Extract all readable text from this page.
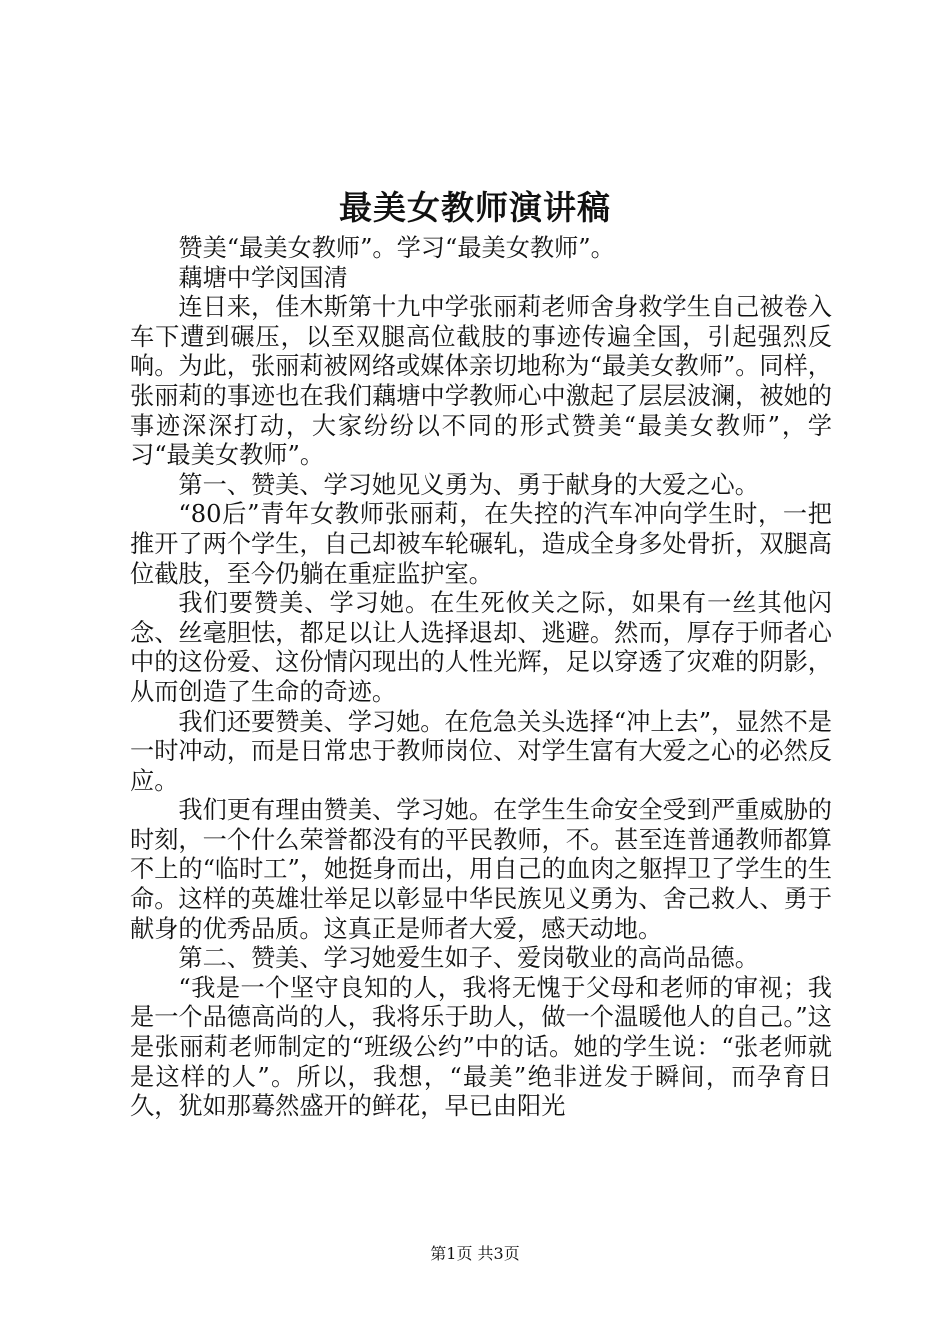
最美女教师演讲稿

赞美“最美女教师”。学习“最美女教师”。

藕塘中学闵国清

连日来，佳木斯第十九中学张丽莉老师舍身救学生自己被卷入车下遭到碾压，以至双腿高位截肢的事迹传遍全国，引起强烈反响。为此，张丽莉被网络或媒体亲切地称为“最美女教师”。同样，张丽莉的事迹也在我们藕塘中学教师心中激起了层层波澜，被她的事迹深深打动，大家纷纷以不同的形式赞美“最美女教师”，学习“最美女教师”。

第一、赞美、学习她见义勇为、勇于献身的大爱之心。

“80后”青年女教师张丽莉，在失控的汽车冲向学生时，一把推开了两个学生，自己却被车轮碾轧，造成全身多处骨折，双腿高位截肢，至今仍躺在重症监护室。

我们要赞美、学习她。在生死攸关之际，如果有一丝其他闪念、丝毫胆怯，都足以让人选择退却、逃避。然而，厚存于师者心中的这份爱、这份情闪现出的人性光辉，足以穿透了灾难的阴影，从而创造了生命的奇迹。

我们还要赞美、学习她。在危急关头选择“冲上去”，显然不是一时冲动，而是日常忠于教师岗位、对学生富有大爱之心的必然反应。

我们更有理由赞美、学习她。在学生生命安全受到严重威胁的时刻，一个什么荣誉都没有的平民教师，不。甚至连普通教师都算不上的“临时工”，她挺身而出，用自己的血肉之躯捍卫了学生的生命。这样的英雄壮举足以彰显中华民族见义勇为、舍己救人、勇于献身的优秀品质。这真正是师者大爱，感天动地。

第二、赞美、学习她爱生如子、爱岗敬业的高尚品德。

“我是一个坚守良知的人，我将无愧于父母和老师的审视；我是一个品德高尚的人，我将乐于助人，做一个温暖他人的自己。”这是张丽莉老师制定的“班级公约”中的话。她的学生说：“张老师就是这样的人”。所以，我想，“最美”绝非迸发于瞬间，而孕育日久，犹如那蓦然盛开的鲜花，早已由阳光

第1页 共3页
